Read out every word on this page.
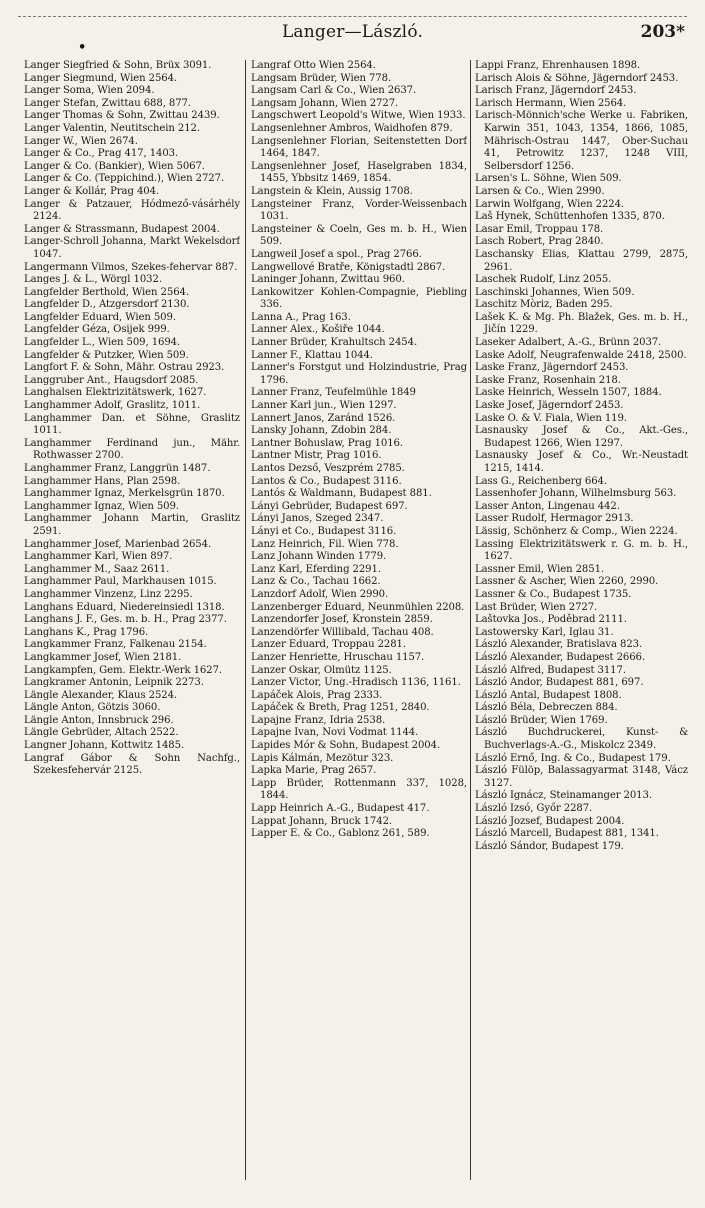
Langer—László.	203*
•
Langer Siegfried & Sohn, Brüx 3091.
Langer Siegmund, Wien 2564.
Langer Soma, Wien 2094.
Langer Stefan, Zwittau 688, 877.
Langer Thomas & Sohn, Zwittau 2439.
Langer Valentin, Neutitschein 212.
Langer W., Wien 2674.
Langer & Co., Prag 417, 1403.
Langer & Co. (Bankier), Wien 5067.
Langer & Co. (Teppichind.), Wien 2727.
Langer & Kollár, Prag 404.
Langer & Patzauer, Hódmező-vásárhély 2124.
Langer & Strassmann, Budapest 2004.
Langer-Schroll Johanna, Markt Wekelsdorf 1047.
Langermann Vilmos, Szekes-fehervar 887.
Langes J. & L., Wörgl 1032.
Langfelder Berthold, Wien 2564.
Langfelder D., Atzgersdorf 2130.
Langfelder Eduard, Wien 509.
Langfelder Géza, Osijek 999.
Langfelder L., Wien 509, 1694.
Langfelder & Putzker, Wien 509.
Langfort F. & Sohn, Mähr. Ostrau 2923.
Langgruber Ant., Haugsdorf 2085.
Langhalsen Elektrizitätswerk, 1627.
Langhammer Adolf, Graslitz, 1011.
Langhammer Dan. et Söhne, Graslitz 1011.
Langhammer Ferdinand jun., Mähr. Rothwasser 2700.
Langhammer Franz, Langgrün 1487.
Langhammer Hans, Plan 2598.
Langhammer Ignaz, Merkelsgrün 1870.
Langhammer Ignaz, Wien 509.
Langhammer Johann Martin, Graslitz 2591.
Langhammer Josef, Marienbad 2654.
Langhammer Karl, Wien 897.
Langhammer M., Saaz 2611.
Langhammer Paul, Markhausen 1015.
Langhammer Vinzenz, Linz 2295.
Langhans Eduard, Niedereinsiedl 1318.
Langhans J. F., Ges. m. b. H., Prag 2377.
Langhans K., Prag 1796.
Langkammer Franz, Falkenau 2154.
Langkammer Josef, Wien 2181.
Langkampfen, Gem. Elektr.-Werk 1627.
Langkramer Antonin, Leipnik 2273.
Längle Alexander, Klaus 2524.
Längle Anton, Götzis 3060.
Längle Anton, Innsbruck 296.
Längle Gebrüder, Altach 2522.
Langner Johann, Kottwitz 1485.
Langraf Gábor & Sohn Nachfg., Szekesfehervár 2125.
Langraf Otto Wien 2564.
Langsam Brüder, Wien 778.
Langsam Carl & Co., Wien 2637.
Langsam Johann, Wien 2727.
Langschwert Leopold's Witwe, Wien 1933.
Langsenlehner Ambros, Waidhofen 879.
Langsenlehner Florian, Seitenstetten Dorf 1464, 1847.
Langsenlehner Josef, Haselgraben 1834, 1455, Ybbsitz 1469, 1854.
Langstein & Klein, Aussig 1708.
Langsteiner Franz, Vorder-Weissenbach 1031.
Langsteiner & Coeln, Ges m. b. H., Wien 509.
Langweil Josef a spol., Prag 2766.
Langwellové Bratře, Königstadtl 2867.
Laninger Johann, Zwittau 960.
Lankowitzer Kohlen-Compagnie, Piebling 336.
Lanna A., Prag 163.
Lanner Alex., Košiře 1044.
Lanner Brüder, Krahultsch 2454.
Lanner F., Klattau 1044.
Lanner's Forstgut und Holzindustrie, Prag 1796.
Lanner Franz, Teufelmühle 1849
Lanner Karl jun., Wien 1297.
Lannert Janos, Zaránd 1526.
Lansky Johann, Zdobin 284.
Lantner Bohuslaw, Prag 1016.
Lantner Mistr, Prag 1016.
Lantos Dezső, Veszprém 2785.
Lantos & Co., Budapest 3116.
Lantós & Waldmann, Budapest 881.
Lányi Gebrüder, Budapest 697.
Lányi Janos, Szeged 2347.
Lányi et Co., Budapest 3116.
Lanz Heinrich, Fil. Wien 778.
Lanz Johann Winden 1779.
Lanz Karl, Eferding 2291.
Lanz & Co., Tachau 1662.
Lanzdorf Adolf, Wien 2990.
Lanzenberger Eduard, Neunmühlen 2208.
Lanzendorfer Josef, Kronstein 2859.
Lanzendörfer Willibald, Tachau 408.
Lanzer Eduard, Troppau 2281.
Lanzer Henriette, Hruschau 1157.
Lanzer Oskar, Olmütz 1125.
Lanzer Victor, Ung.-Hradisch 1136, 1161.
Lapáček Alois, Prag 2333.
Lapáček & Breth, Prag 1251, 2840.
Lapajne Franz, Idria 2538.
Lapajne Ivan, Novi Vodmat 1144.
Lapides Mór & Sohn, Budapest 2004.
Lapis Kálmán, Mezötur 323.
Lapka Marie, Prag 2657.
Lapp Brüder, Rottenmann 337, 1028, 1844.
Lapp Heinrich A.-G., Budapest 417.
Lappat Johann, Bruck 1742.
Lapper E. & Co., Gablonz 261, 589.
Lappi Franz, Ehrenhausen 1898.
Larisch Alois & Söhne, Jägerndorf 2453.
Larisch Franz, Jägerndorf 2453.
Larisch Hermann, Wien 2564.
Larisch-Mönnich'sche Werke u. Fabriken, Karwin 351, 1043, 1354, 1866, 1085, Mährisch-Ostrau 1447, Ober-Suchau 41, Petrowitz 1237, 1248 VIII, Selbersdorf 1256.
Larsen's L. Söhne, Wien 509.
Larsen & Co., Wien 2990.
Larwin Wolfgang, Wien 2224.
Laš Hynek, Schüttenhofen 1335, 870.
Lasar Emil, Troppau 178.
Lasch Robert, Prag 2840.
Laschansky Elias, Klattau 2799, 2875, 2961.
Laschek Rudolf, Linz 2055.
Laschinski Johannes, Wien 509.
Laschitz Mòriz, Baden 295.
Lašek K. & Mg. Ph. Blažek, Ges. m. b. H., Jičín 1229.
Laseker Adalbert, A.-G., Brünn 2037.
Laske Adolf, Neugrafenwalde 2418, 2500.
Laske Franz, Jägerndorf 2453.
Laske Franz, Rosenhain 218.
Laske Heinrich, Wesseln 1507, 1884.
Laske Josef, Jägerndorf 2453.
Laske O. & V. Fiala, Wien 119.
Lasnausky Josef & Co., Akt.-Ges., Budapest 1266, Wien 1297.
Lasnausky Josef & Co., Wr.-Neustadt 1215, 1414.
Lass G., Reichenberg 664.
Lassenhofer Johann, Wilhelmsburg 563.
Lasser Anton, Lingenau 442.
Lasser Rudolf, Hermagor 2913.
Lässig, Schönherz & Comp., Wien 2224.
Lassing Elektrizitätswerk r. G. m. b. H., 1627.
Lassner Emil, Wien 2851.
Lassner & Ascher, Wien 2260, 2990.
Lassner & Co., Budapest 1735.
Last Brüder, Wien 2727.
Laštovka Jos., Poděbrad 2111.
Lastowersky Karl, Iglau 31.
László Alexander, Bratislava 823.
László Alexander, Budapest 2666.
László Alfred, Budapest 3117.
László Andor, Budapest 881, 697.
László Antal, Budapest 1808.
László Béla, Debreczen 884.
László Brüder, Wien 1769.
László Buchdruckerei, Kunst- & Buchverlags-A.-G., Miskolcz 2349.
László Ernő, Ing. & Co., Budapest 179.
László Fülöp, Balassagyarmat 3148, Vácz 3127.
László Ignácz, Steinamanger 2013.
László Izsó, Győr 2287.
László Jozsef, Budapest 2004.
László Marcell, Budapest 881, 1341.
László Sándor, Budapest 179.
